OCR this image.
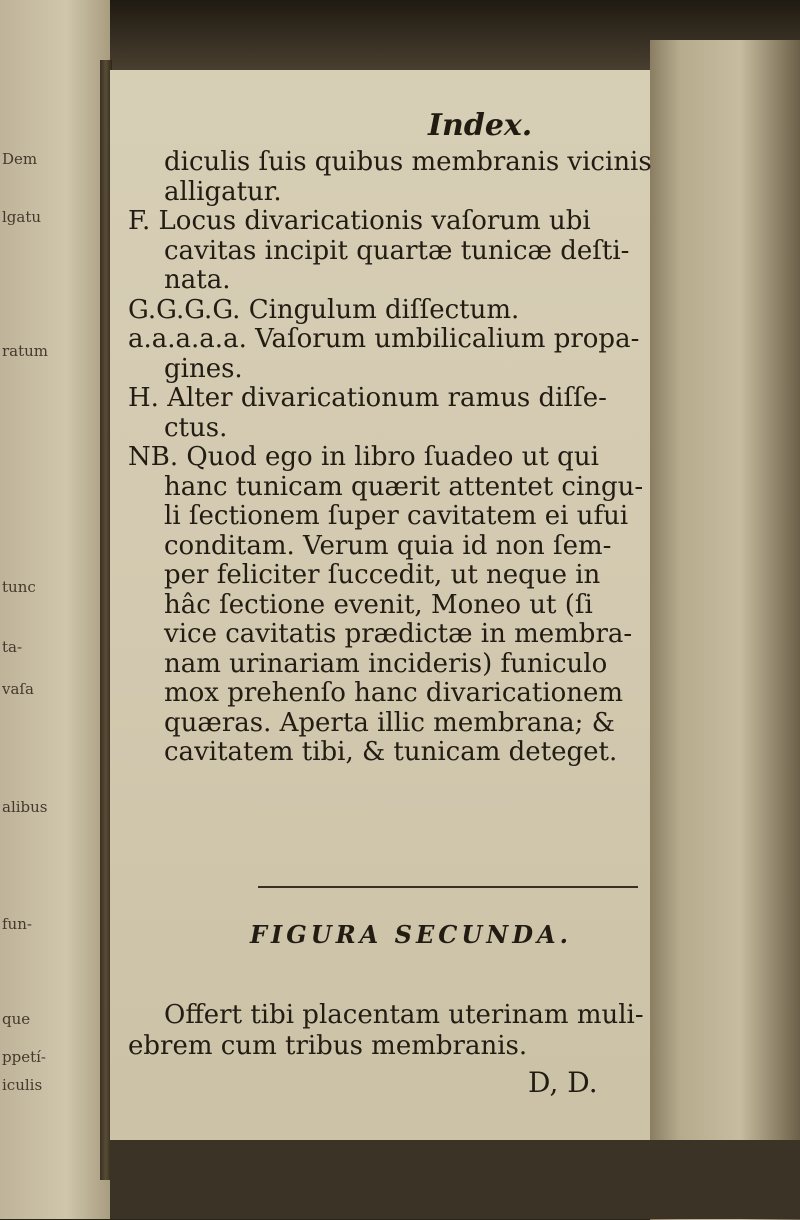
Dem
lgatu
ratum
tunc
ta-
vaſa
alibus
fun-
que
ppetí-
iculis
Index.
diculis ſuis quibus membranis vicinis
alligatur.
F. Locus divaricationis vaſorum ubi
cavitas incipit quartæ tunicæ deſti-
nata.
G.G.G.G. Cingulum diſſectum.
a.a.a.a.a. Vaſorum umbilicalium propa-
gines.
H. Alter divaricationum ramus diſſe-
ctus.
NB. Quod ego in libro ſuadeo ut qui
hanc tunicam quærit attentet cingu-
li ſectionem ſuper cavitatem ei ufui
conditam. Verum quia id non ſem-
per feliciter ſuccedit, ut neque in
hâc ſectione evenit, Moneo ut (ſi
vice cavitatis prædictæ in membra-
nam urinariam incideris) funiculo
mox prehenſo hanc divaricationem
quæras. Aperta illic membrana; &
cavitatem tibi, & tunicam deteget.
FIGURA SECUNDA.
Offert tibi placentam uterinam muli-
ebrem cum tribus membranis.
D, D.
